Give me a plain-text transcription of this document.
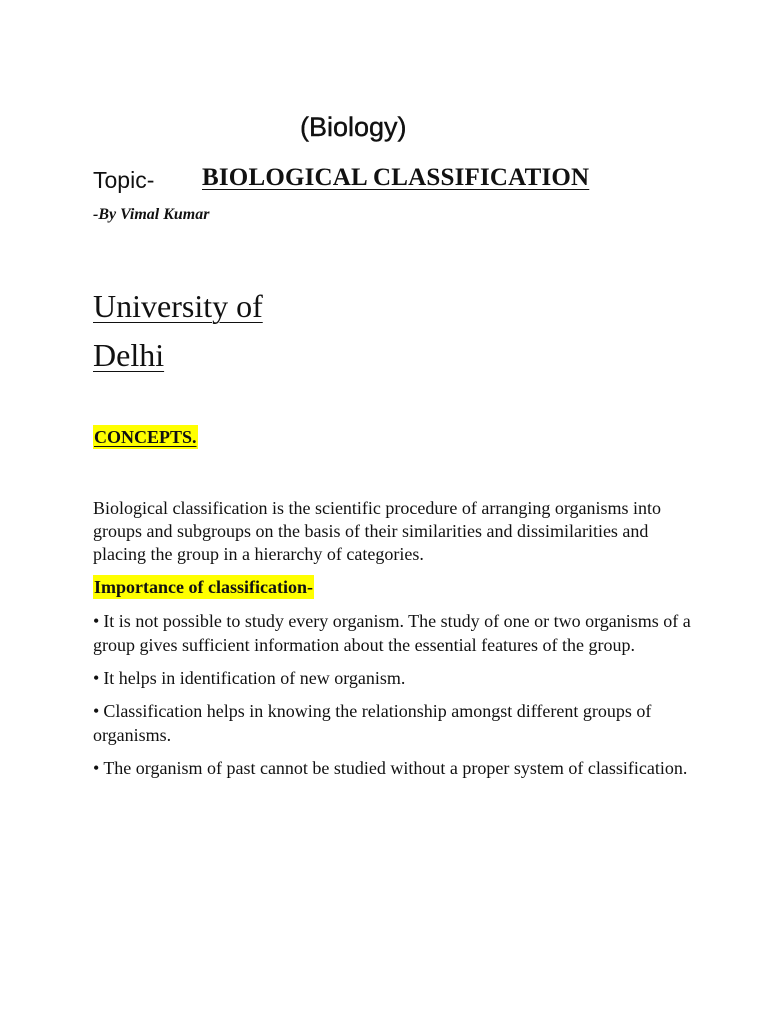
(Biology)
Topic- BIOLOGICAL CLASSIFICATION
-By Vimal Kumar
University of
Delhi
CONCEPTS.

Biological classification is the scientific procedure of arranging organisms into groups and subgroups on the basis of their similarities and dissimilarities and placing the group in a hierarchy of categories.

Importance of classification-
• It is not possible to study every organism. The study of one or two organisms of a group gives sufficient information about the essential features of the group.
• It helps in identification of new organism.
• Classification helps in knowing the relationship amongst different groups of organisms.
• The organism of past cannot be studied without a proper system of classification.
